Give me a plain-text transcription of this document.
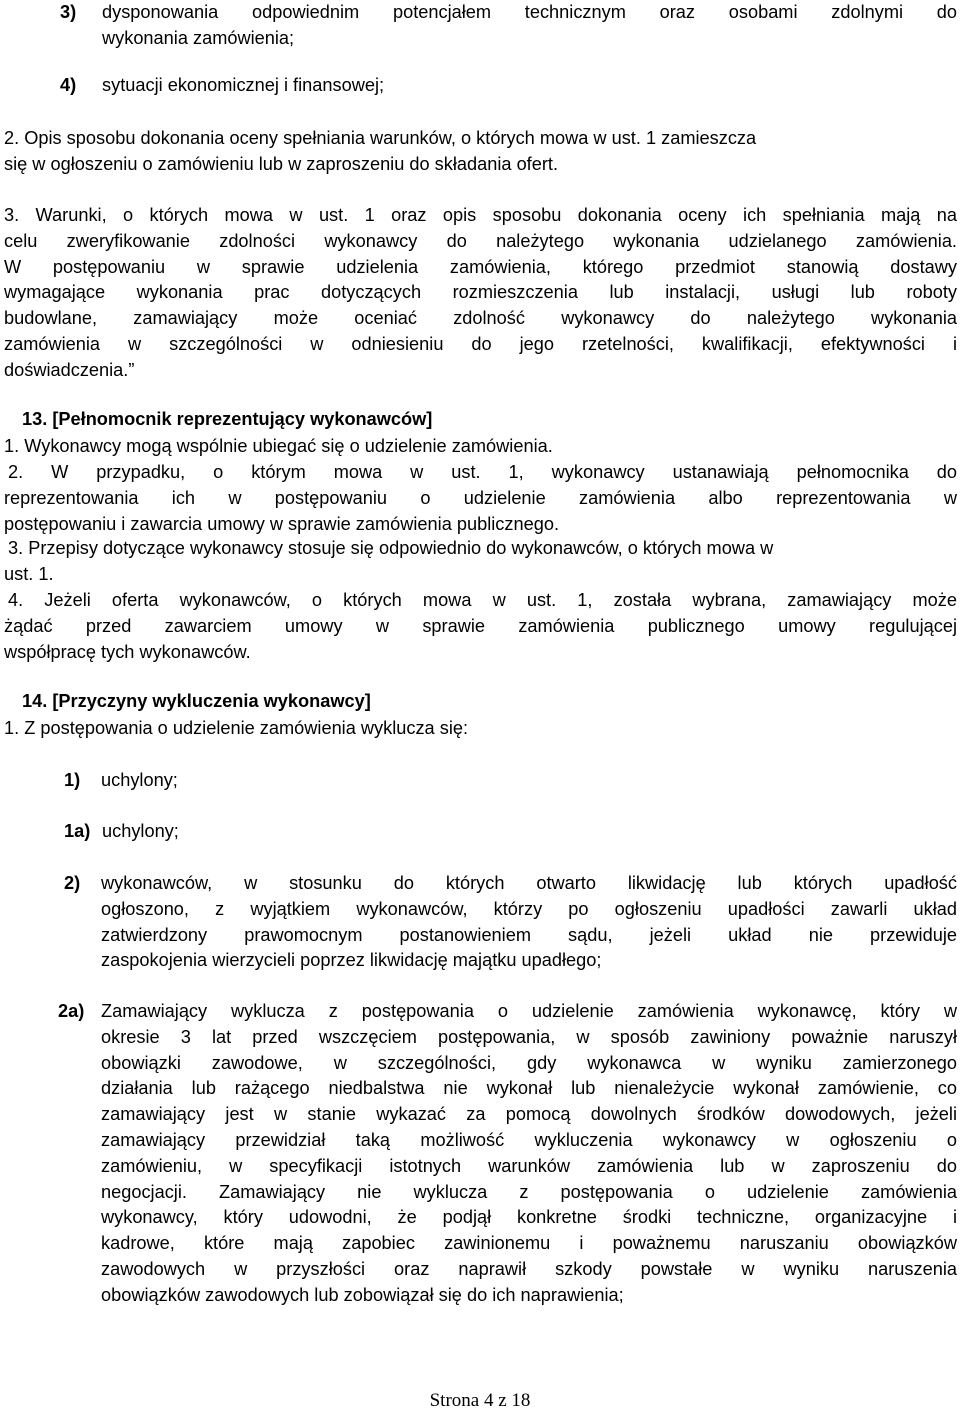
3) dysponowania odpowiednim potencjałem technicznym oraz osobami zdolnymi do
wykonania zamówienia;
4) sytuacji ekonomicznej i finansowej;
2. Opis sposobu dokonania oceny spełniania warunków, o których mowa w ust. 1 zamieszcza
się w ogłoszeniu o zamówieniu lub w zaproszeniu do składania ofert.
3. Warunki, o których mowa w ust. 1 oraz opis sposobu dokonania oceny ich spełniania mają na
celu zweryfikowanie zdolności wykonawcy do należytego wykonania udzielanego zamówienia.
W postępowaniu w sprawie udzielenia zamówienia, którego przedmiot stanowią dostawy
wymagające wykonania prac dotyczących rozmieszczenia lub instalacji, usługi lub roboty
budowlane, zamawiający może oceniać zdolność wykonawcy do należytego wykonania
zamówienia w szczególności w odniesieniu do jego rzetelności, kwalifikacji, efektywności i
doświadczenia.”
13. [Pełnomocnik reprezentujący wykonawców]
1. Wykonawcy mogą wspólnie ubiegać się o udzielenie zamówienia.
2. W przypadku, o którym mowa w ust. 1, wykonawcy ustanawiają pełnomocnika do
reprezentowania ich w postępowaniu o udzielenie zamówienia albo reprezentowania w
postępowaniu i zawarcia umowy w sprawie zamówienia publicznego.
3. Przepisy dotyczące wykonawcy stosuje się odpowiednio do wykonawców, o których mowa w
ust. 1.
4. Jeżeli oferta wykonawców, o których mowa w ust. 1, została wybrana, zamawiający może
żądać przed zawarciem umowy w sprawie zamówienia publicznego umowy regulującej
współpracę tych wykonawców.
14. [Przyczyny wykluczenia wykonawcy]
1. Z postępowania o udzielenie zamówienia wyklucza się:
1) uchylony;
1a) uchylony;
2) wykonawców, w stosunku do których otwarto likwidację lub których upadłość
ogłoszono, z wyjątkiem wykonawców, którzy po ogłoszeniu upadłości zawarli układ
zatwierdzony prawomocnym postanowieniem sądu, jeżeli układ nie przewiduje
zaspokojenia wierzycieli poprzez likwidację majątku upadłego;
2a) Zamawiający wyklucza z postępowania o udzielenie zamówienia wykonawcę, który w
okresie 3 lat przed wszczęciem postępowania, w sposób zawiniony poważnie naruszył
obowiązki zawodowe, w szczególności, gdy wykonawca w wyniku zamierzonego
działania lub rażącego niedbalstwa nie wykonał lub nienależycie wykonał zamówienie, co
zamawiający jest w stanie wykazać za pomocą dowolnych środków dowodowych, jeżeli
zamawiający przewidział taką możliwość wykluczenia wykonawcy w ogłoszeniu o
zamówieniu, w specyfikacji istotnych warunków zamówienia lub w zaproszeniu do
negocjacji. Zamawiający nie wyklucza z postępowania o udzielenie zamówienia
wykonawcy, który udowodni, że podjął konkretne środki techniczne, organizacyjne i
kadrowe, które mają zapobiec zawinionemu i poważnemu naruszaniu obowiązków
zawodowych w przyszłości oraz naprawił szkody powstałe w wyniku naruszenia
obowiązków zawodowych lub zobowiązał się do ich naprawienia;
Strona 4 z 18
